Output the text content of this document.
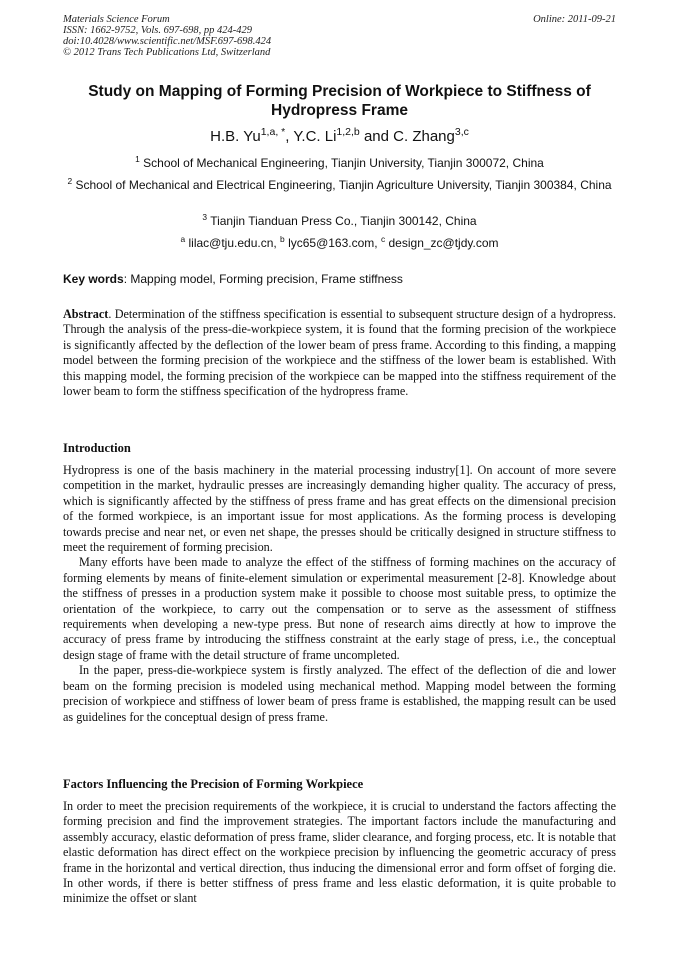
Materials Science Forum
ISSN: 1662-9752, Vols. 697-698, pp 424-429
doi:10.4028/www.scientific.net/MSF.697-698.424
© 2012 Trans Tech Publications Ltd, Switzerland
Online: 2011-09-21
Study on Mapping of Forming Precision of Workpiece to Stiffness of Hydropress Frame
H.B. $Yu^{1,a, *}$, Y.C. Li$^{1,2,b}$ and C. Zhang$^{3,c}$
$^1$ School of Mechanical Engineering, Tianjin University, Tianjin 300072, China
$^2$ School of Mechanical and Electrical Engineering, Tianjin Agriculture University, Tianjin 300384, China
$^3$ Tianjin Tianduan Press Co., Tianjin 300142, China
$^a$ lilac@tju.edu.cn, $^b$ lyc65@163.com, $^c$ design_zc@tjdy.com
Key words: Mapping model, Forming precision, Frame stiffness

Abstract. Determination of the stiffness specification is essential to subsequent structure design of a hydropress. Through the analysis of the press-die-workpiece system, it is found that the forming precision of the workpiece is significantly affected by the deflection of the lower beam of press frame. According to this finding, a mapping model between the forming precision of the workpiece and the stiffness of the lower beam is established. With this mapping model, the forming precision of the workpiece can be mapped into the stiffness requirement of the lower beam to form the stiffness specification of the hydropress frame.

Introduction

Hydropress is one of the basis machinery in the material processing industry[1]. On account of more severe competition in the market, hydraulic presses are increasingly demanding higher quality. The accuracy of press, which is significantly affected by the stiffness of press frame and has great effects on the dimensional precision of the formed workpiece, is an important issue for most applications. As the forming process is developing towards precise and near net, or even net shape, the presses should be critically designed in structure stiffness to meet the requirement of forming precision.

Many efforts have been made to analyze the effect of the stiffness of forming machines on the accuracy of forming elements by means of finite-element simulation or experimental measurement [2-8]. Knowledge about the stiffness of presses in a production system make it possible to choose most suitable press, to optimize the orientation of the workpiece, to carry out the compensation or to serve as the assessment of stiffness requirements when developing a new-type press. But none of research aims directly at how to improve the accuracy of press frame by introducing the stiffness constraint at the early stage of press, i.e., the conceptual design stage of frame with the detail structure of frame uncompleted.

In the paper, press-die-workpiece system is firstly analyzed. The effect of the deflection of die and lower beam on the forming precision is modeled using mechanical method. Mapping model between the forming precision of workpiece and stiffness of lower beam of press frame is established, the mapping result can be used as guidelines for the conceptual design of press frame.

Factors Influencing the Precision of Forming Workpiece

In order to meet the precision requirements of the workpiece, it is crucial to understand the factors affecting the forming precision and find the improvement strategies. The important factors include the manufacturing and assembly accuracy, elastic deformation of press frame, slider clearance, and forging process, etc. It is notable that elastic deformation has direct effect on the workpiece precision by influencing the geometric accuracy of press frame in the horizontal and vertical direction, thus inducing the dimensional error and form offset of forging die. In other words, if there is better stiffness of press frame and less elastic deformation, it is quite probable to minimize the offset or slant
